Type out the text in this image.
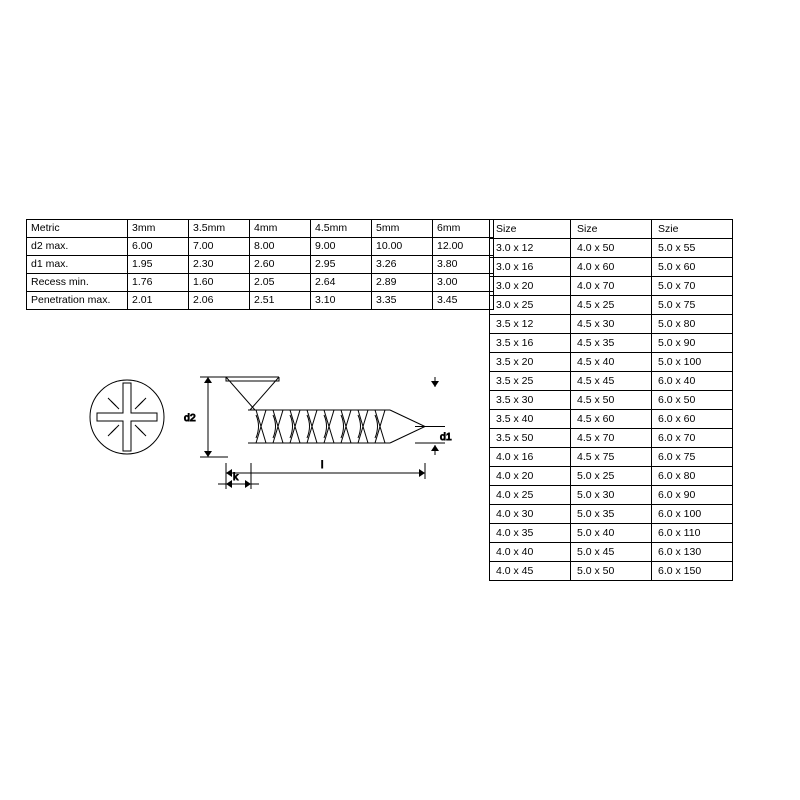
Metric	3mm	3.5mm	4mm	4.5mm	5mm	6mm
d2 max.	6.00	7.00	8.00	9.00	10.00	12.00
d1 max.	1.95	2.30	2.60	2.95	3.26	3.80
Recess min.	1.76	1.60	2.05	2.64	2.89	3.00
Penetration max.	2.01	2.06	2.51	3.10	3.35	3.45
Size	Size	Szie
3.0 x 12	4.0 x 50	5.0 x 55
3.0 x 16	4.0 x 60	5.0 x 60
3.0 x 20	4.0 x 70	5.0 x 70
3.0 x 25	4.5 x 25	5.0 x 75
3.5 x 12	4.5 x 30	5.0 x 80
3.5 x 16	4.5 x 35	5.0 x 90
3.5 x 20	4.5 x 40	5.0 x 100
3.5 x 25	4.5 x 45	6.0 x 40
3.5 x 30	4.5 x 50	6.0 x 50
3.5 x 40	4.5 x 60	6.0 x 60
3.5 x 50	4.5 x 70	6.0 x 70
4.0 x 16	4.5 x 75	6.0 x 75
4.0 x 20	5.0 x 25	6.0 x 80
4.0 x 25	5.0 x 30	6.0 x 90
4.0 x 30	5.0 x 35	6.0 x 100
4.0 x 35	5.0 x 40	6.0 x 110
4.0 x 40	5.0 x 45	6.0 x 130
4.0 x 45	5.0 x 50	6.0 x 150
d2
d1
l
k
